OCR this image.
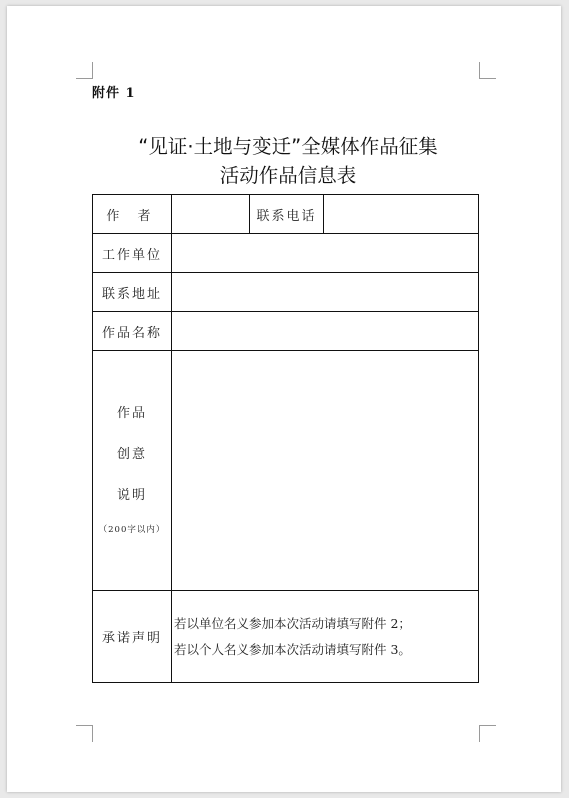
附件 1
“见证·土地与变迁”全媒体作品征集
活动作品信息表
作 者		联系电话	
工作单位			
联系地址			
作品名称			

作品
创意
说明
（200字以内）			

承诺声明	若以单位名义参加本次活动请填写附件 2；
若以个人名义参加本次活动请填写附件 3。		
